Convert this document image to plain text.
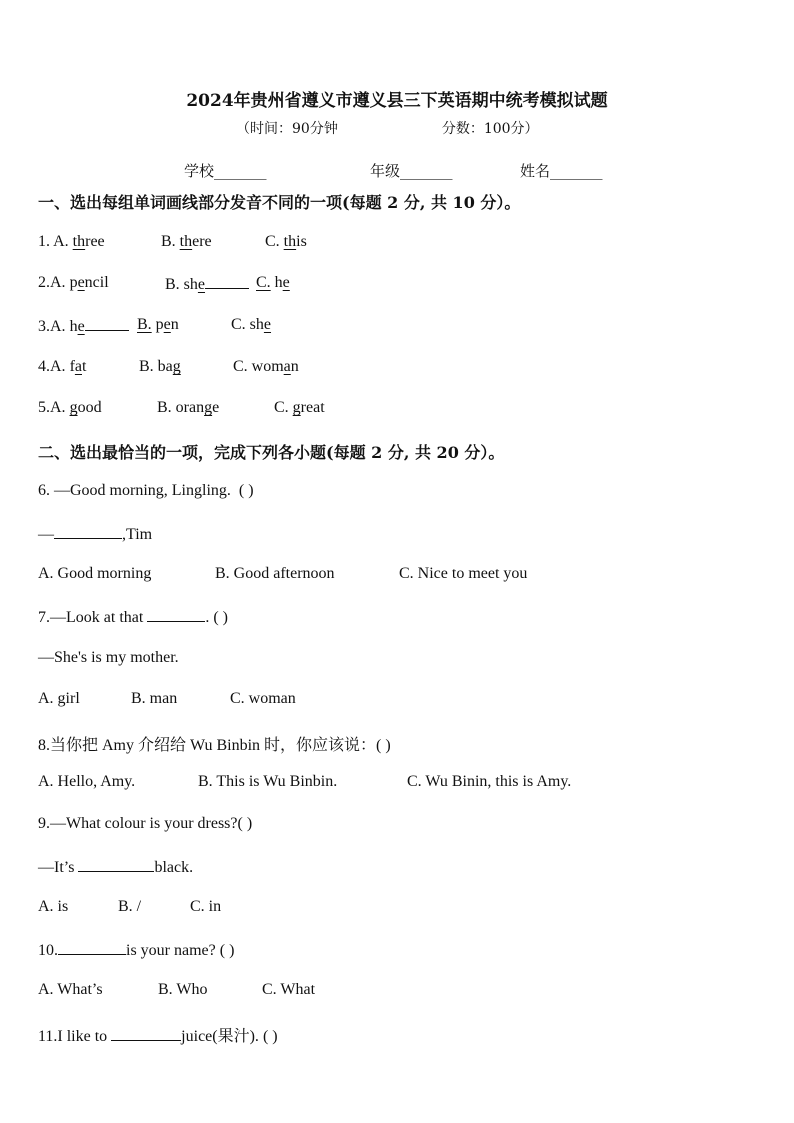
2024年贵州省遵义市遵义县三下英语期中统考模拟试题
（时间：90分钟	分数：100分）
学校_______	年级_______	姓名_______
一、选出每组单词画线部分发音不同的一项(每题 2 分, 共 10 分）。
1. A. three	B. there	C. this
2.A. pencil	B. she	C. he
3.A. he	B. pen	C. she
4.A. fat	B. bag	C. woman
5.A. good	B. orange	C. great
二、选出最恰当的一项，完成下列各小题(每题 2 分, 共 20 分）。
6. —Good morning, Lingling. ( )
—	,Tim
A. Good morning	B. Good afternoon	C. Nice to meet you
7.—Look at that	. ( )
—She's is my mother.
A. girl	B. man	C. woman
8.当你把 Amy 介绍给 Wu Binbin 时，你应该说：( )
A. Hello, Amy.	B. This is Wu Binbin.	C. Wu Binin, this is Amy.
9.—What colour is your dress?( )
—It’s	black.
A. is	B. /	C. in
10.	is your name? ( )
A. What’s	B. Who	C. What
11.I like to	juice(果汁). ( )
